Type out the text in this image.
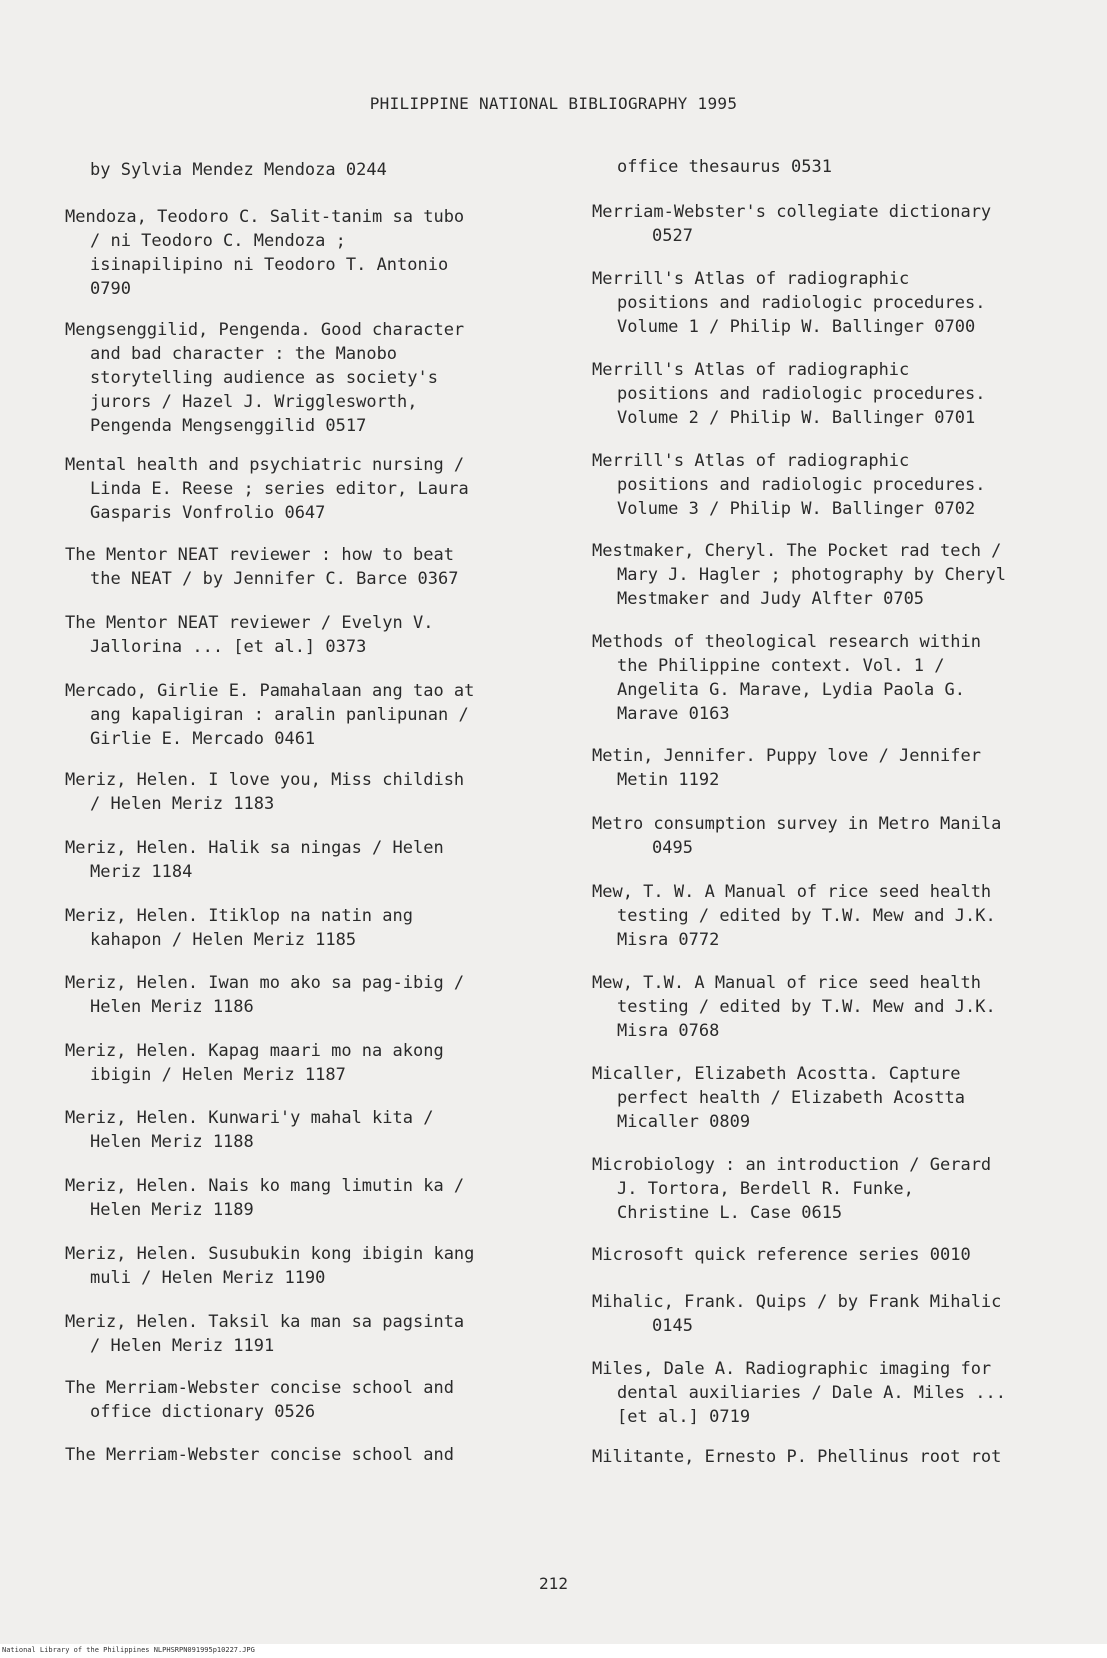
PHILIPPINE NATIONAL BIBLIOGRAPHY 1995
by Sylvia Mendez Mendoza 0244
Mendoza, Teodoro C. Salit-tanim sa tubo
/ ni Teodoro C. Mendoza ;
isinapilipino ni Teodoro T. Antonio
0790
Mengsenggilid, Pengenda. Good character
and bad character : the Manobo
storytelling audience as society's
jurors / Hazel J. Wrigglesworth,
Pengenda Mengsenggilid 0517
Mental health and psychiatric nursing /
Linda E. Reese ; series editor, Laura
Gasparis Vonfrolio 0647
The Mentor NEAT reviewer : how to beat
the NEAT / by Jennifer C. Barce 0367
The Mentor NEAT reviewer / Evelyn V.
Jallorina ... [et al.] 0373
Mercado, Girlie E. Pamahalaan ang tao at
ang kapaligiran : aralin panlipunan /
Girlie E. Mercado 0461
Meriz, Helen. I love you, Miss childish
/ Helen Meriz 1183
Meriz, Helen. Halik sa ningas / Helen
Meriz 1184
Meriz, Helen. Itiklop na natin ang
kahapon / Helen Meriz 1185
Meriz, Helen. Iwan mo ako sa pag-ibig /
Helen Meriz 1186
Meriz, Helen. Kapag maari mo na akong
ibigin / Helen Meriz 1187
Meriz, Helen. Kunwari'y mahal kita /
Helen Meriz 1188
Meriz, Helen. Nais ko mang limutin ka /
Helen Meriz 1189
Meriz, Helen. Susubukin kong ibigin kang
muli / Helen Meriz 1190
Meriz, Helen. Taksil ka man sa pagsinta
/ Helen Meriz 1191
The Merriam-Webster concise school and
office dictionary 0526
The Merriam-Webster concise school and
office thesaurus 0531
Merriam-Webster's collegiate dictionary
0527
Merrill's Atlas of radiographic
positions and radiologic procedures.
Volume 1 / Philip W. Ballinger 0700
Merrill's Atlas of radiographic
positions and radiologic procedures.
Volume 2 / Philip W. Ballinger 0701
Merrill's Atlas of radiographic
positions and radiologic procedures.
Volume 3 / Philip W. Ballinger 0702
Mestmaker, Cheryl. The Pocket rad tech /
Mary J. Hagler ; photography by Cheryl
Mestmaker and Judy Alfter 0705
Methods of theological research within
the Philippine context. Vol. 1 /
Angelita G. Marave, Lydia Paola G.
Marave 0163
Metin, Jennifer. Puppy love / Jennifer
Metin 1192
Metro consumption survey in Metro Manila
0495
Mew, T. W. A Manual of rice seed health
testing / edited by T.W. Mew and J.K.
Misra 0772
Mew, T.W. A Manual of rice seed health
testing / edited by T.W. Mew and J.K.
Misra 0768
Micaller, Elizabeth Acostta. Capture
perfect health / Elizabeth Acostta
Micaller 0809
Microbiology : an introduction / Gerard
J. Tortora, Berdell R. Funke,
Christine L. Case 0615
Microsoft quick reference series 0010
Mihalic, Frank. Quips / by Frank Mihalic
0145
Miles, Dale A. Radiographic imaging for
dental auxiliaries / Dale A. Miles ...
[et al.] 0719
Militante, Ernesto P. Phellinus root rot
212
National Library of the Philippines NLPHSRPN091995p10227.JPG
